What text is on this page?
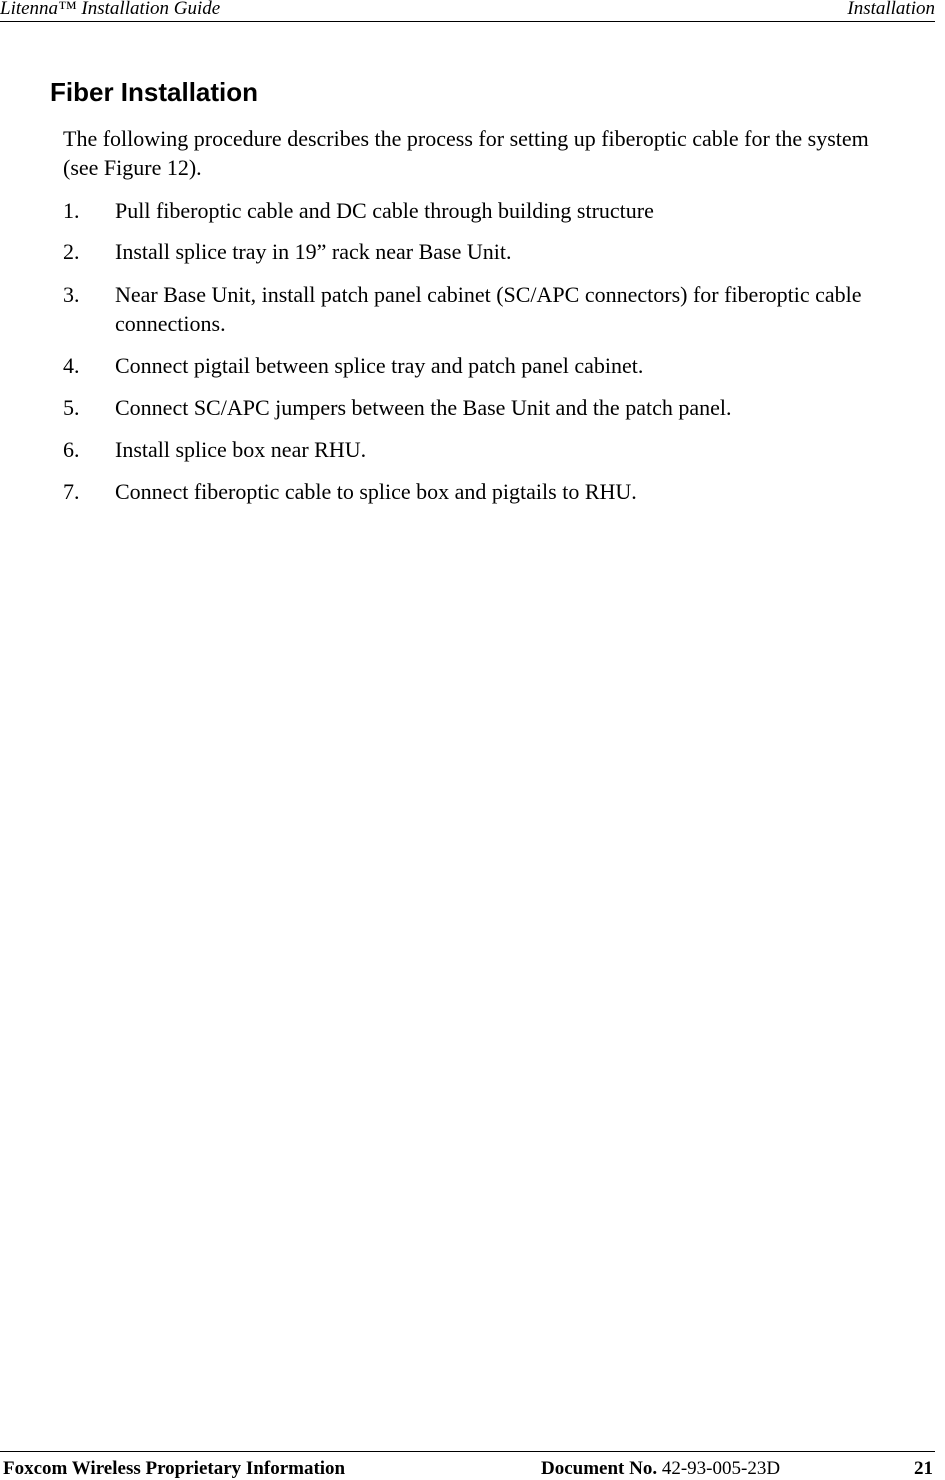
Litenna™ Installation Guide	Installation
Fiber Installation

The following procedure describes the process for setting up fiberoptic cable for the system (see Figure 12).

1. Pull fiberoptic cable and DC cable through building structure
2. Install splice tray in 19” rack near Base Unit.
3. Near Base Unit, install patch panel cabinet (SC/APC connectors) for fiberoptic cable connections.
4. Connect pigtail between splice tray and patch panel cabinet.
5. Connect SC/APC jumpers between the Base Unit and the patch panel.
6. Install splice box near RHU.
7. Connect fiberoptic cable to splice box and pigtails to RHU.
Foxcom Wireless Proprietary Information	Document No. 42-93-005-23D	21
